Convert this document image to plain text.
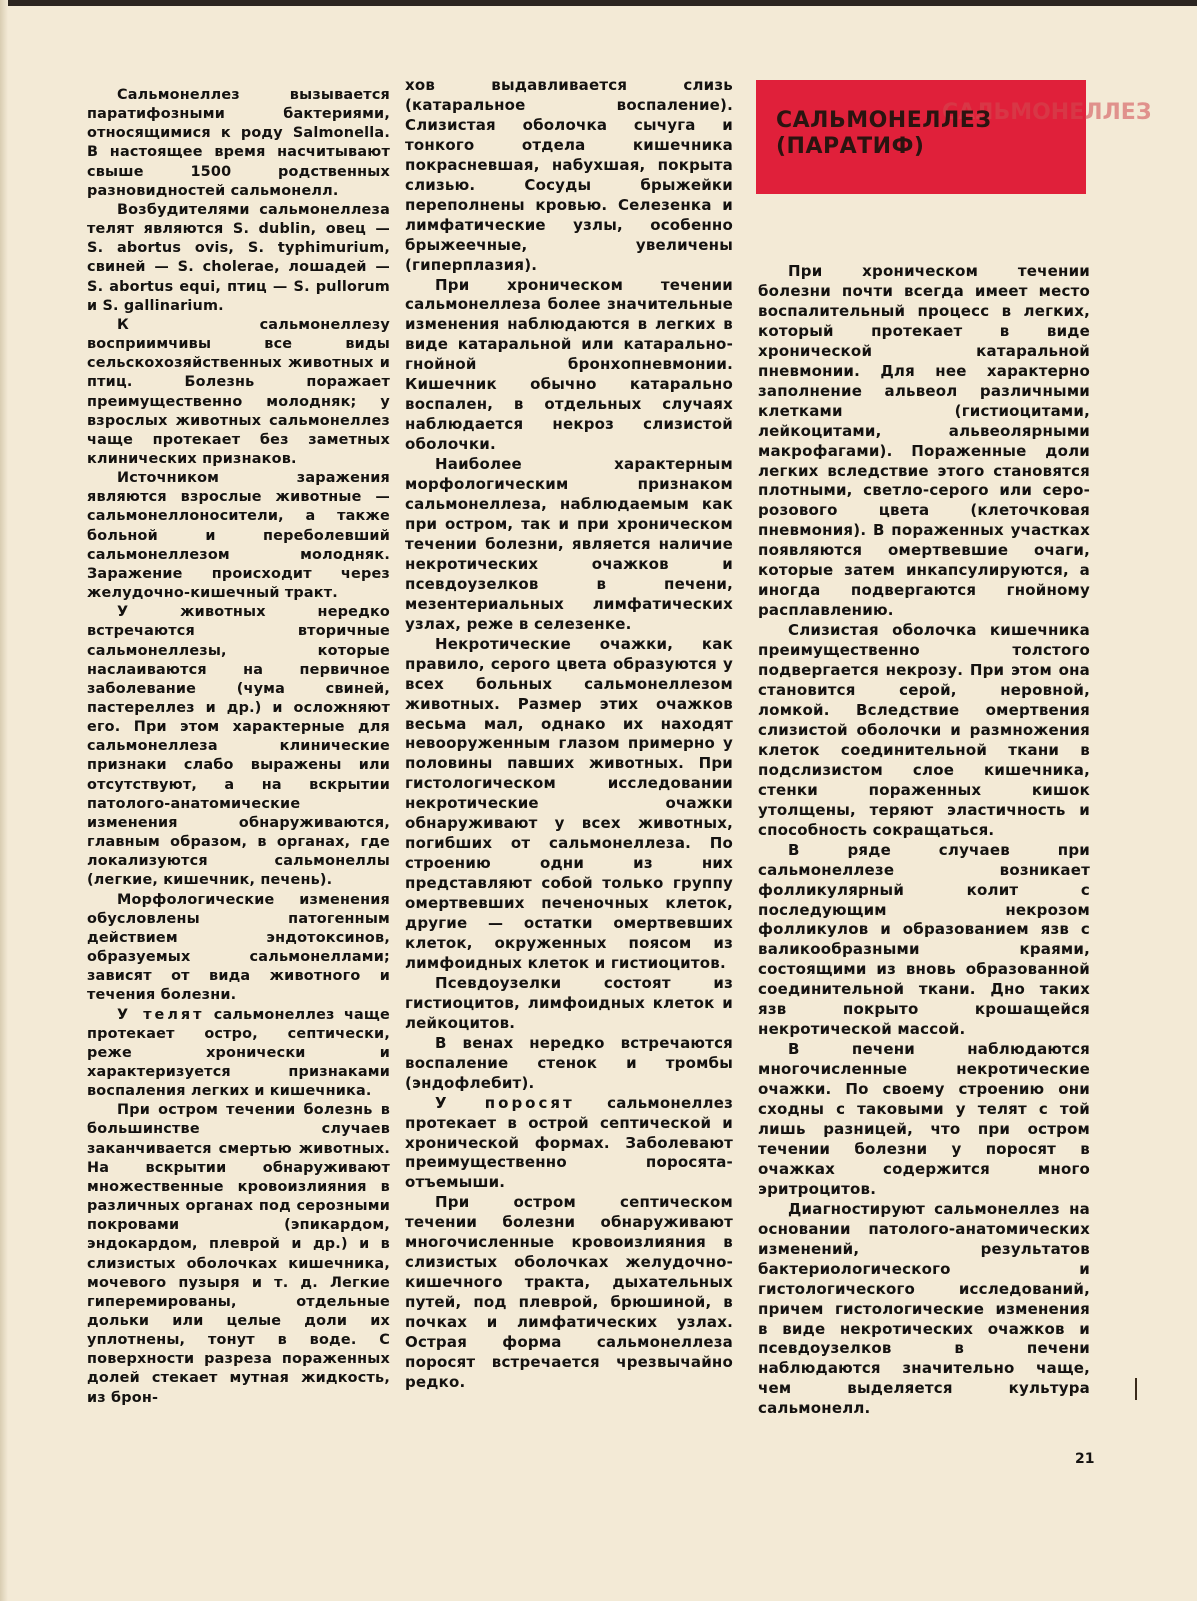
Сальмонеллез вызывается паратифозными бактериями, относящимися к роду Salmonella. В настоящее время насчитывают свыше 1500 родственных разновидностей сальмонелл.

Возбудителями сальмонеллеза телят являются S. dublin, овец — S. abortus ovis, S. typhimurium, свиней — S. cholerae, лошадей — S. abortus equi, птиц — S. pullorum и S. gallinarium.

К сальмонеллезу восприимчивы все виды сельскохозяйственных животных и птиц. Болезнь поражает преимущественно молодняк; у взрослых животных сальмонеллез чаще протекает без заметных клинических признаков.

Источником заражения являются взрослые животные — сальмонеллоносители, а также больной и переболевший сальмонеллезом молодняк. Заражение происходит через желудочно-кишечный тракт.

У животных нередко встречаются вторичные сальмонеллезы, которые наслаиваются на первичное заболевание (чума свиней, пастереллез и др.) и осложняют его. При этом характерные для сальмонеллеза клинические признаки слабо выражены или отсутствуют, а на вскрытии патолого-анатомические изменения обнаруживаются, главным образом, в органах, где локализуются сальмонеллы (легкие, кишечник, печень).

Морфологические изменения обусловлены патогенным действием эндотоксинов, образуемых сальмонеллами; зависят от вида животного и течения болезни.

У телят сальмонеллез чаще протекает остро, септически, реже хронически и характеризуется признаками воспаления легких и кишечника.

При остром течении болезнь в большинстве случаев заканчивается смертью животных. На вскрытии обнаруживают множественные кровоизлияния в различных органах под серозными покровами (эпикардом, эндокардом, плеврой и др.) и в слизистых оболочках кишечника, мочевого пузыря и т. д. Легкие гиперемированы, отдельные дольки или целые доли их уплотнены, тонут в воде. С поверхности разреза пораженных долей стекает мутная жидкость, из брон-

хов выдавливается слизь (катаральное воспаление). Слизистая оболочка сычуга и тонкого отдела кишечника покрасневшая, набухшая, покрыта слизью. Сосуды брыжейки переполнены кровью. Селезенка и лимфатические узлы, особенно брыжеечные, увеличены (гиперплазия).

При хроническом течении сальмонеллеза более значительные изменения наблюдаются в легких в виде катаральной или катарально-гнойной бронхопневмонии. Кишечник обычно катарально воспален, в отдельных случаях наблюдается некроз слизистой оболочки.

Наиболее характерным морфологическим признаком сальмонеллеза, наблюдаемым как при остром, так и при хроническом течении болезни, является наличие некротических очажков и псевдоузелков в печени, мезентериальных лимфатических узлах, реже в селезенке.

Некротические очажки, как правило, серого цвета образуются у всех больных сальмонеллезом животных. Размер этих очажков весьма мал, однако их находят невооруженным глазом примерно у половины павших животных. При гистологическом исследовании некротические очажки обнаруживают у всех животных, погибших от сальмонеллеза. По строению одни из них представляют собой только группу омертвевших печеночных клеток, другие — остатки омертвевших клеток, окруженных поясом из лимфоидных клеток и гистиоцитов.

Псевдоузелки состоят из гистиоцитов, лимфоидных клеток и лейкоцитов.

В венах нередко встречаются воспаление стенок и тромбы (эндофлебит).

У поросят сальмонеллез протекает в острой септической и хронической формах. Заболевают преимущественно поросята-отъемыши.

При остром септическом течении болезни обнаруживают многочисленные кровоизлияния в слизистых оболочках желудочно-кишечного тракта, дыхательных путей, под плеврой, брюшиной, в почках и лимфатических узлах. Острая форма сальмонеллеза поросят встречается чрезвычайно редко.

САЛЬМОНЕЛЛЕЗ
САЛЬМОНЕЛЛЕЗ
(ПАРАТИФ)

При хроническом течении болезни почти всегда имеет место воспалительный процесс в легких, который протекает в виде хронической катаральной пневмонии. Для нее характерно заполнение альвеол различными клетками (гистиоцитами, лейкоцитами, альвеолярными макрофагами). Пораженные доли легких вследствие этого становятся плотными, светло-серого или серо-розового цвета (клеточковая пневмония). В пораженных участках появляются омертвевшие очаги, которые затем инкапсулируются, а иногда подвергаются гнойному расплавлению.

Слизистая оболочка кишечника преимущественно толстого подвергается некрозу. При этом она становится серой, неровной, ломкой. Вследствие омертвения слизистой оболочки и размножения клеток соединительной ткани в подслизистом слое кишечника, стенки пораженных кишок утолщены, теряют эластичность и способность сокращаться.

В ряде случаев при сальмонеллезе возникает фолликулярный колит с последующим некрозом фолликулов и образованием язв с валикообразными краями, состоящими из вновь образованной соединительной ткани. Дно таких язв покрыто крошащейся некротической массой.

В печени наблюдаются многочисленные некротические очажки. По своему строению они сходны с таковыми у телят с той лишь разницей, что при остром течении болезни у поросят в очажках содержится много эритроцитов.

Диагностируют сальмонеллез на основании патолого-анатомических изменений, результатов бактериологического и гистологического исследований, причем гистологические изменения в виде некротических очажков и псевдоузелков в печени наблюдаются значительно чаще, чем выделяется культура сальмонелл.

21
